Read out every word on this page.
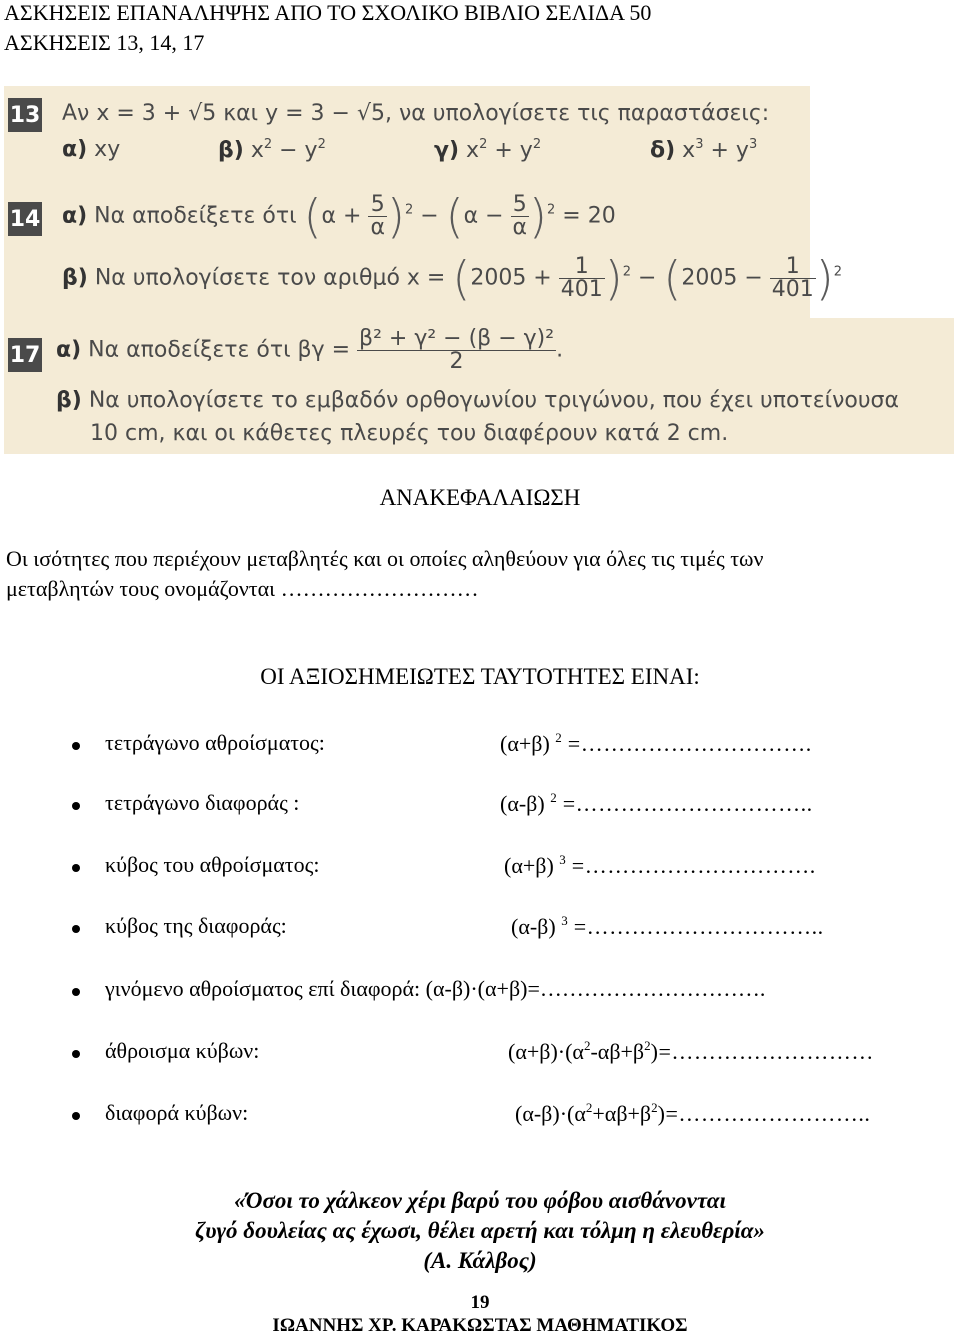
ΑΣΚΗΣΕΙΣ ΕΠΑΝΑΛΗΨΗΣ ΑΠΟ ΤΟ ΣΧΟΛΙΚΟ ΒΙΒΛΙΟ ΣΕΛΙΔΑ 50
ΑΣΚΗΣΕΙΣ 13, 14, 17
13 Αν x = 3 + √5 και y = 3 − √5, να υπολογίσετε τις παραστάσεις:
α) xy	β) $x^2 - y^2$	γ) $x^2 + y^2$	δ) $x^3 + y^3$
14 α) Να αποδείξετε ότι $(\alpha + \frac{5}{\alpha} )^2 - (\alpha - \frac{5}{\alpha} )^2 = 20$
β) Να υπολογίσετε τον αριθμό $x = (2005 + \frac{1}{401} )^2 - (2005 - \frac{1}{401} )^2$
17 α) Να αποδείξετε ότι $\beta\gamma = \frac{\text{β² + γ² − (β − γ)²}}{2}$ .
β) Να υπολογίσετε το εμβαδόν ορθογωνίου τριγώνου, που έχει υποτείνουσα
10 cm, και οι κάθετες πλευρές του διαφέρουν κατά 2 cm.
ΑΝΑΚΕΦΑΛΑΙΩΣΗ
Οι ισότητες που περιέχουν μεταβλητές και οι οποίες αληθεύουν για όλες τις τιμές των
μεταβλητών τους ονομάζονται ………………………
ΟΙ ΑΞΙΟΣΗΜΕΙΩΤΕΣ ΤΑΥΤΟΤΗΤΕΣ ΕΙΝΑΙ:
τετράγωνο αθροίσματος:	(α+β) $^2$ =………………………….
τετράγωνο διαφοράς :	(α-β) $^2$ =…………………………..
κύβος του αθροίσματος:	(α+β) $^3$ =………………………….
κύβος της διαφοράς:	(α-β) $^3$ =…………………………..
γινόμενο αθροίσματος επί διαφορά: (α-β)·(α+β)=………………………….
άθροισμα κύβων:	$(\alpha+\beta)\cdot(\alpha^2-\alpha\beta+\beta^2)=\dots\dots\dots\dots\dots\dots\dots\dots\dots$
διαφορά κύβων:	$(\alpha-\beta)\cdot(\alpha^2+\alpha\beta+\beta^2)=\dots\dots\dots\dots\dots\dots\dots\dots$..
«Όσοι το χάλκεον χέρι βαρύ του φόβου αισθάνονται
ζυγό δουλείας ας έχωσι, θέλει αρετή και τόλμη η ελευθερία»
(Α. Κάλβος)
19
ΙΩΑΝΝΗΣ ΧΡ. ΚΑΡΑΚΩΣΤΑΣ ΜΑΘΗΜΑΤΙΚΟΣ
